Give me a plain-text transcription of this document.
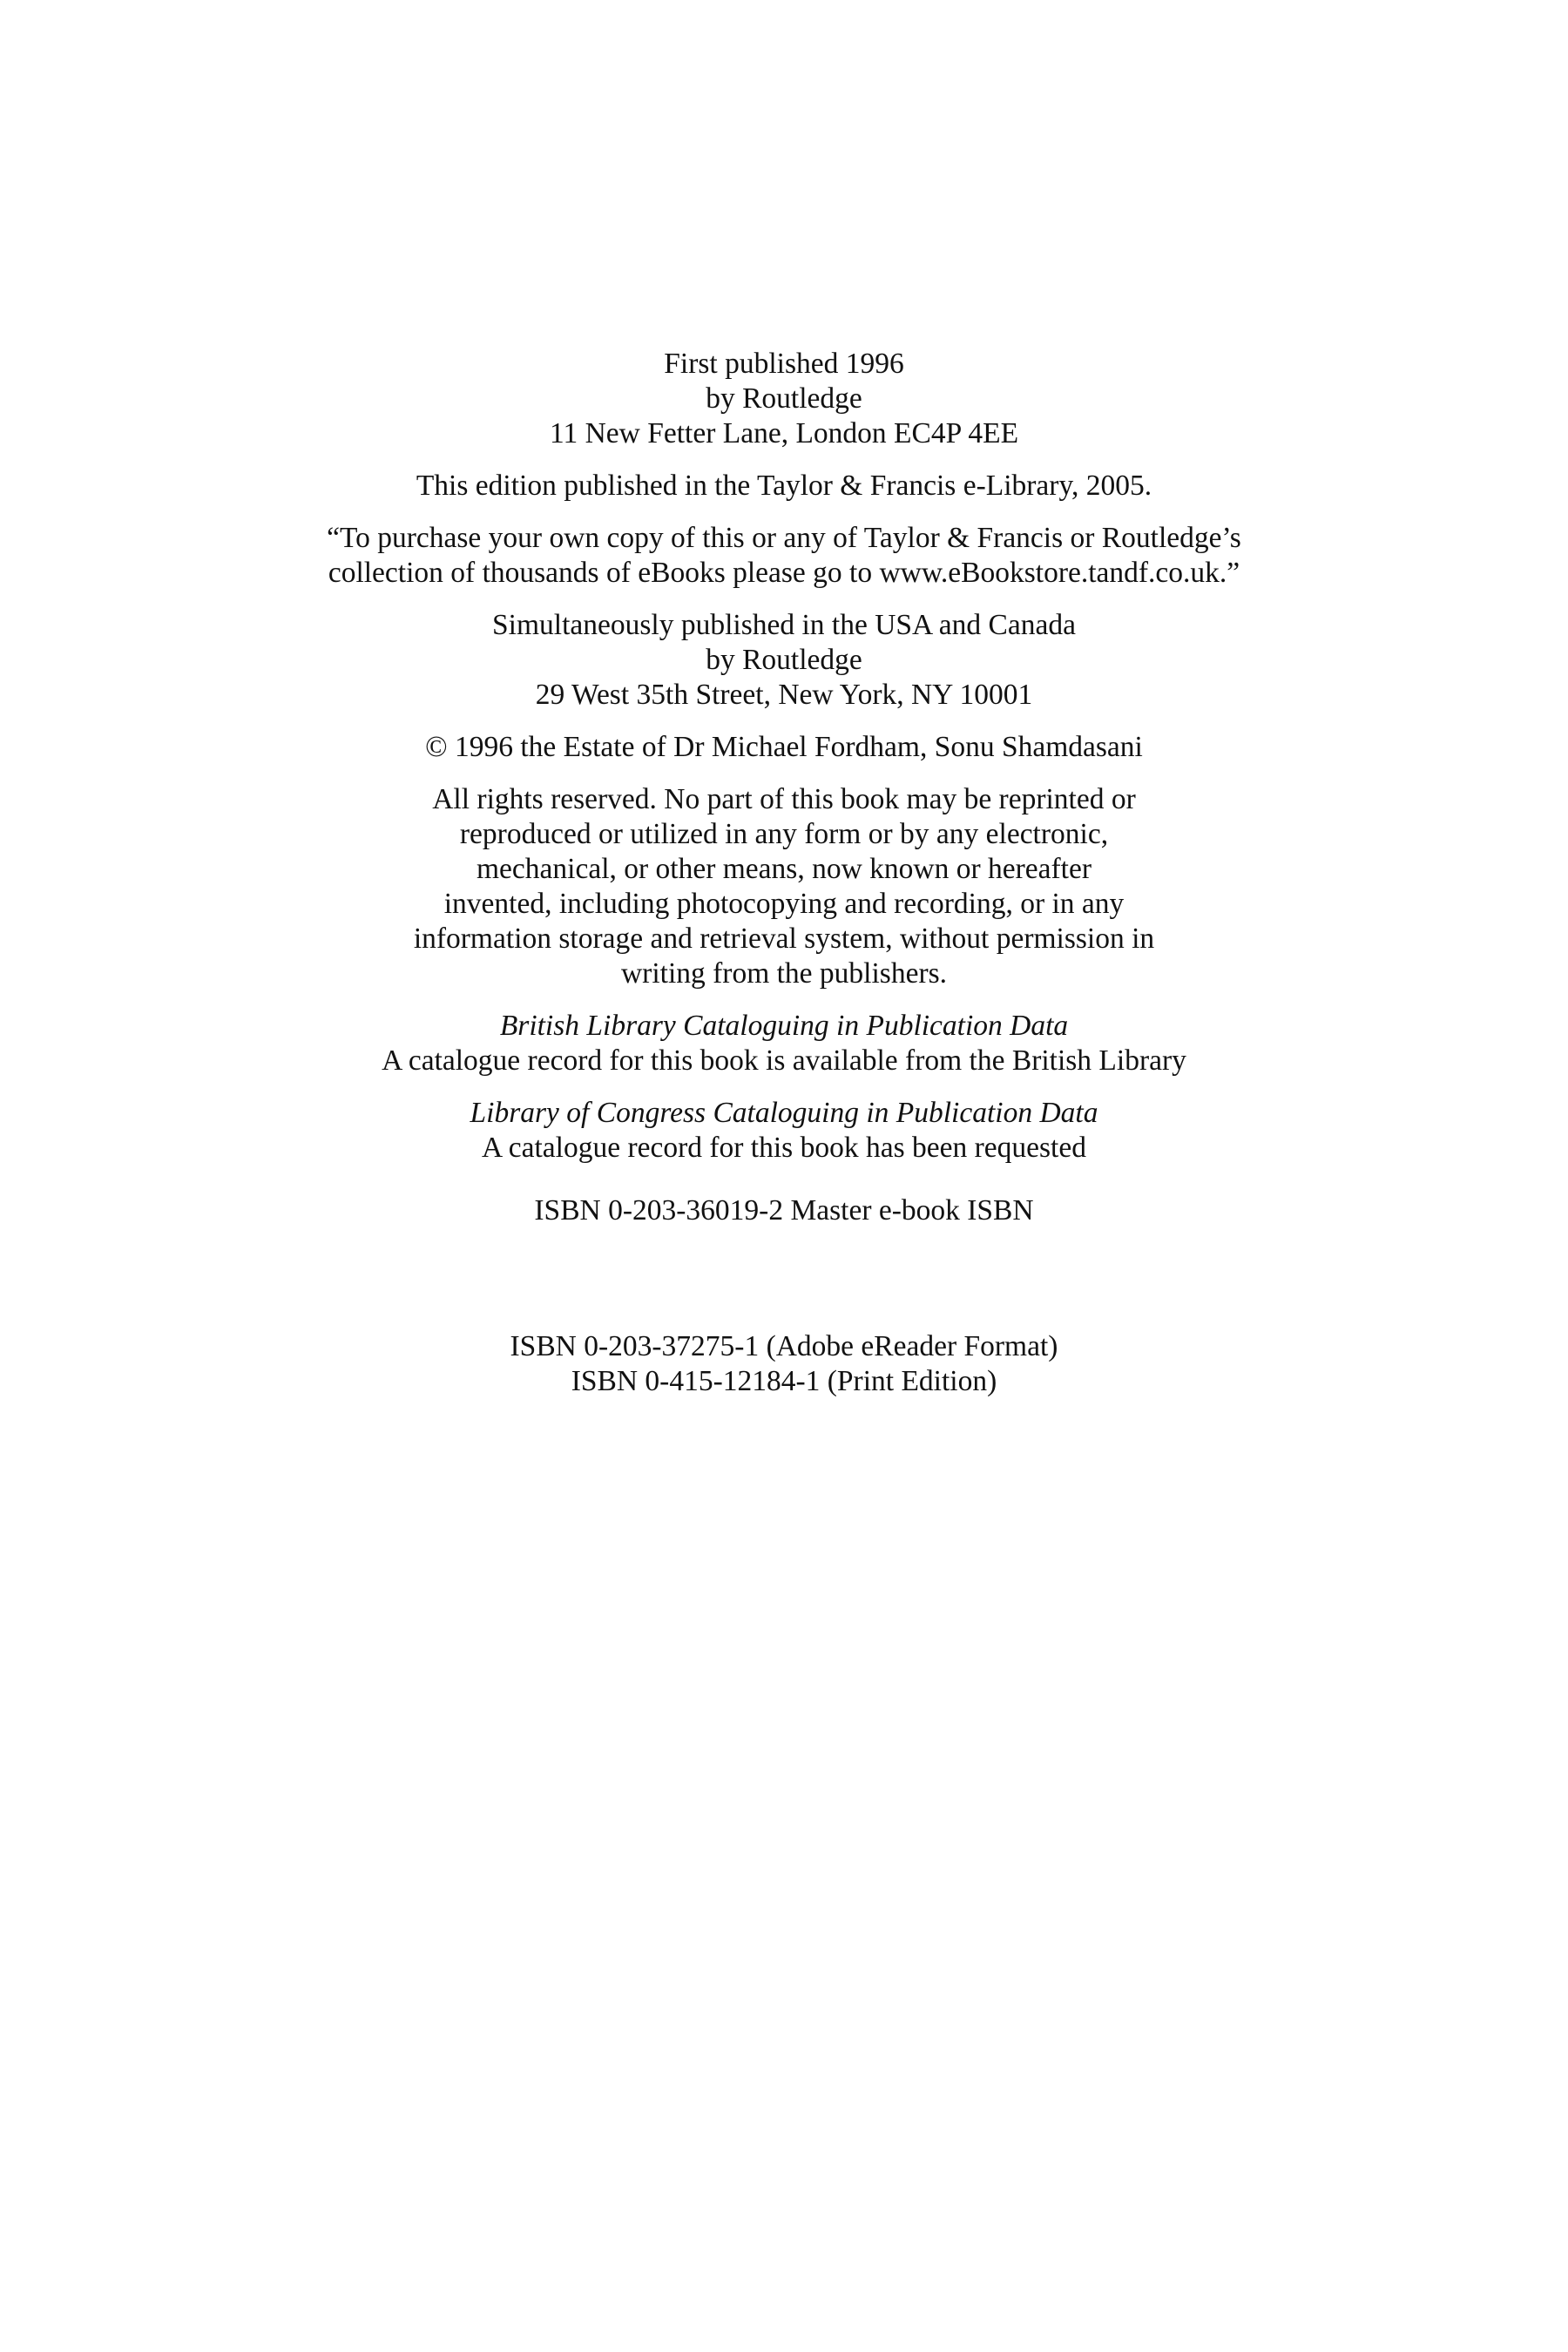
First published 1996

by Routledge

11 New Fetter Lane, London EC4P 4EE

This edition published in the Taylor & Francis e-Library, 2005.

“To purchase your own copy of this or any of Taylor & Francis or Routledge’s

collection of thousands of eBooks please go to www.eBookstore.tandf.co.uk.”

Simultaneously published in the USA and Canada

by Routledge

29 West 35th Street, New York, NY 10001

© 1996 the Estate of Dr Michael Fordham, Sonu Shamdasani

All rights reserved. No part of this book may be reprinted or

reproduced or utilized in any form or by any electronic,

mechanical, or other means, now known or hereafter

invented, including photocopying and recording, or in any

information storage and retrieval system, without permission in

writing from the publishers.

British Library Cataloguing in Publication Data

A catalogue record for this book is available from the British Library

Library of Congress Cataloguing in Publication Data

A catalogue record for this book has been requested

ISBN 0-203-36019-2 Master e-book ISBN

ISBN 0-203-37275-1 (Adobe eReader Format)

ISBN 0-415-12184-1 (Print Edition)
